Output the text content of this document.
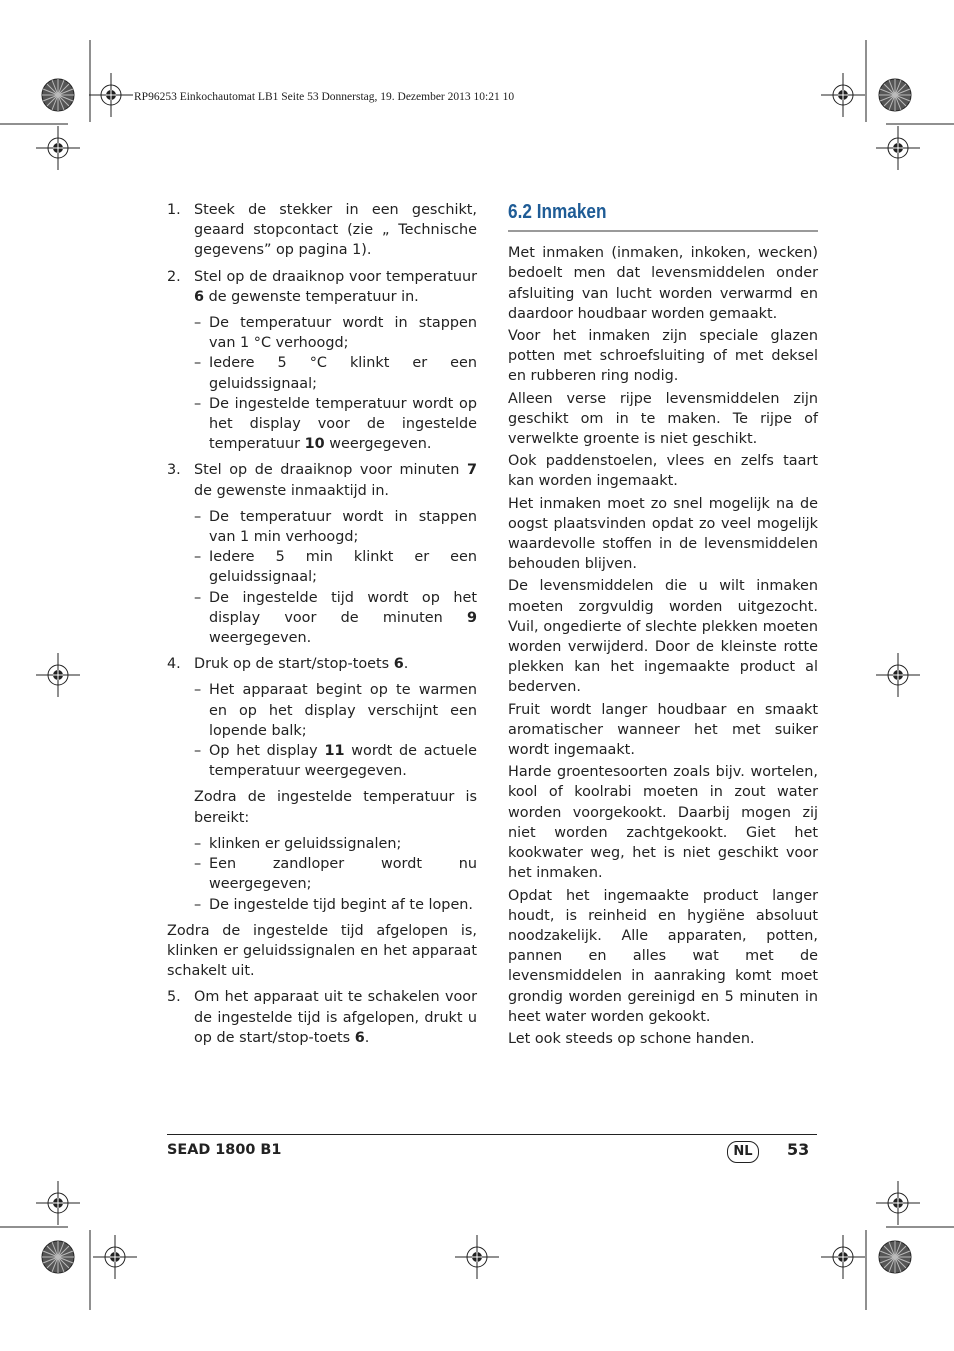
RP96253 Einkochautomat LB1 Seite 53 Donnerstag, 19. Dezember 2013 10:21 10
1. Steek de stekker in een geschikt, geaard stopcontact (zie „ Technische gegevens” op pagina 1).
2. Stel op de draaiknop voor temperatuur 6 de gewenste temperatuur in.
– De temperatuur wordt in stappen van 1 °C verhoogd;
– Iedere 5 °C klinkt er een geluidssignaal;
– De ingestelde temperatuur wordt op het display voor de ingestelde temperatuur 10 weergegeven.
3. Stel op de draaiknop voor minuten 7 de gewenste inmaaktijd in.
– De temperatuur wordt in stappen van 1 min verhoogd;
– Iedere 5 min klinkt er een geluidssignaal;
– De ingestelde tijd wordt op het display voor de minuten 9 weergegeven.
4. Druk op de start/stop-toets 6.
– Het apparaat begint op te warmen en op het display verschijnt een lopende balk;
– Op het display 11 wordt de actuele temperatuur weergegeven.
Zodra de ingestelde temperatuur is bereikt:
– klinken er geluidssignalen;
– Een zandloper wordt nu weergegeven;
– De ingestelde tijd begint af te lopen.
Zodra de ingestelde tijd afgelopen is, klinken er geluidssignalen en het apparaat schakelt uit.
5. Om het apparaat uit te schakelen voor de ingestelde tijd is afgelopen, drukt u op de start/stop-toets 6.
6.2 Inmaken
Met inmaken (inmaken, inkoken, wecken) bedoelt men dat levensmiddelen onder afsluiting van lucht worden verwarmd en daardoor houdbaar worden gemaakt.
Voor het inmaken zijn speciale glazen potten met schroefsluiting of met deksel en rubberen ring nodig.
Alleen verse rijpe levensmiddelen zijn geschikt om in te maken. Te rijpe of verwelkte groente is niet geschikt.
Ook paddenstoelen, vlees en zelfs taart kan worden ingemaakt.
Het inmaken moet zo snel mogelijk na de oogst plaatsvinden opdat zo veel mogelijk waardevolle stoffen in de levensmiddelen behouden blijven.
De levensmiddelen die u wilt inmaken moeten zorgvuldig worden uitgezocht. Vuil, ongedierte of slechte plekken moeten worden verwijderd. Door de kleinste rotte plekken kan het ingemaakte product al bederven.
Fruit wordt langer houdbaar en smaakt aromatischer wanneer het met suiker wordt ingemaakt.
Harde groentesoorten zoals bijv. wortelen, kool of koolrabi moeten in zout water worden voorgekookt. Daarbij mogen zij niet worden zachtgekookt. Giet het kookwater weg, het is niet geschikt voor het inmaken.
Opdat het ingemaakte product langer houdt, is reinheid en hygiëne absoluut noodzakelijk. Alle apparaten, potten, pannen en alles wat met de levensmiddelen in aanraking komt moet grondig worden gereinigd en 5 minuten in heet water worden gekookt.
Let ook steeds op schone handen.
SEAD 1800 B1	NL	53
